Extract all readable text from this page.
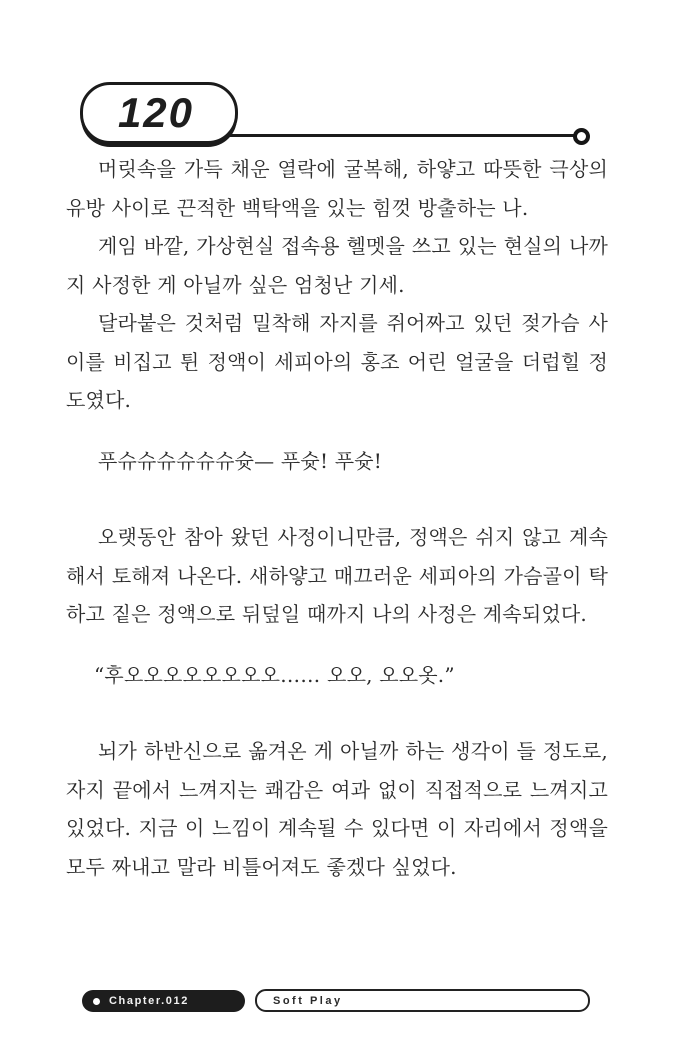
120

머릿속을 가득 채운 열락에 굴복해, 하얗고 따뜻한 극상의 유방 사이로 끈적한 백탁액을 있는 힘껏 방출하는 나.

게임 바깥, 가상현실 접속용 헬멧을 쓰고 있는 현실의 나까지 사정한 게 아닐까 싶은 엄청난 기세.

달라붙은 것처럼 밀착해 자지를 쥐어짜고 있던 젖가슴 사이를 비집고 튄 정액이 세피아의 홍조 어린 얼굴을 더럽힐 정도였다.

푸슈슈슈슈슈슈슛— 푸슛! 푸슛!

오랫동안 참아 왔던 사정이니만큼, 정액은 쉬지 않고 계속해서 토해져 나온다. 새하얗고 매끄러운 세피아의 가슴골이 탁하고 짙은 정액으로 뒤덮일 때까지 나의 사정은 계속되었다.

“후오오오오오오오오…… 오오, 오오옷.”

뇌가 하반신으로 옮겨온 게 아닐까 하는 생각이 들 정도로, 자지 끝에서 느껴지는 쾌감은 여과 없이 직접적으로 느껴지고 있었다. 지금 이 느낌이 계속될 수 있다면 이 자리에서 정액을 모두 짜내고 말라 비틀어져도 좋겠다 싶었다.

Chapter.012	Soft Play
